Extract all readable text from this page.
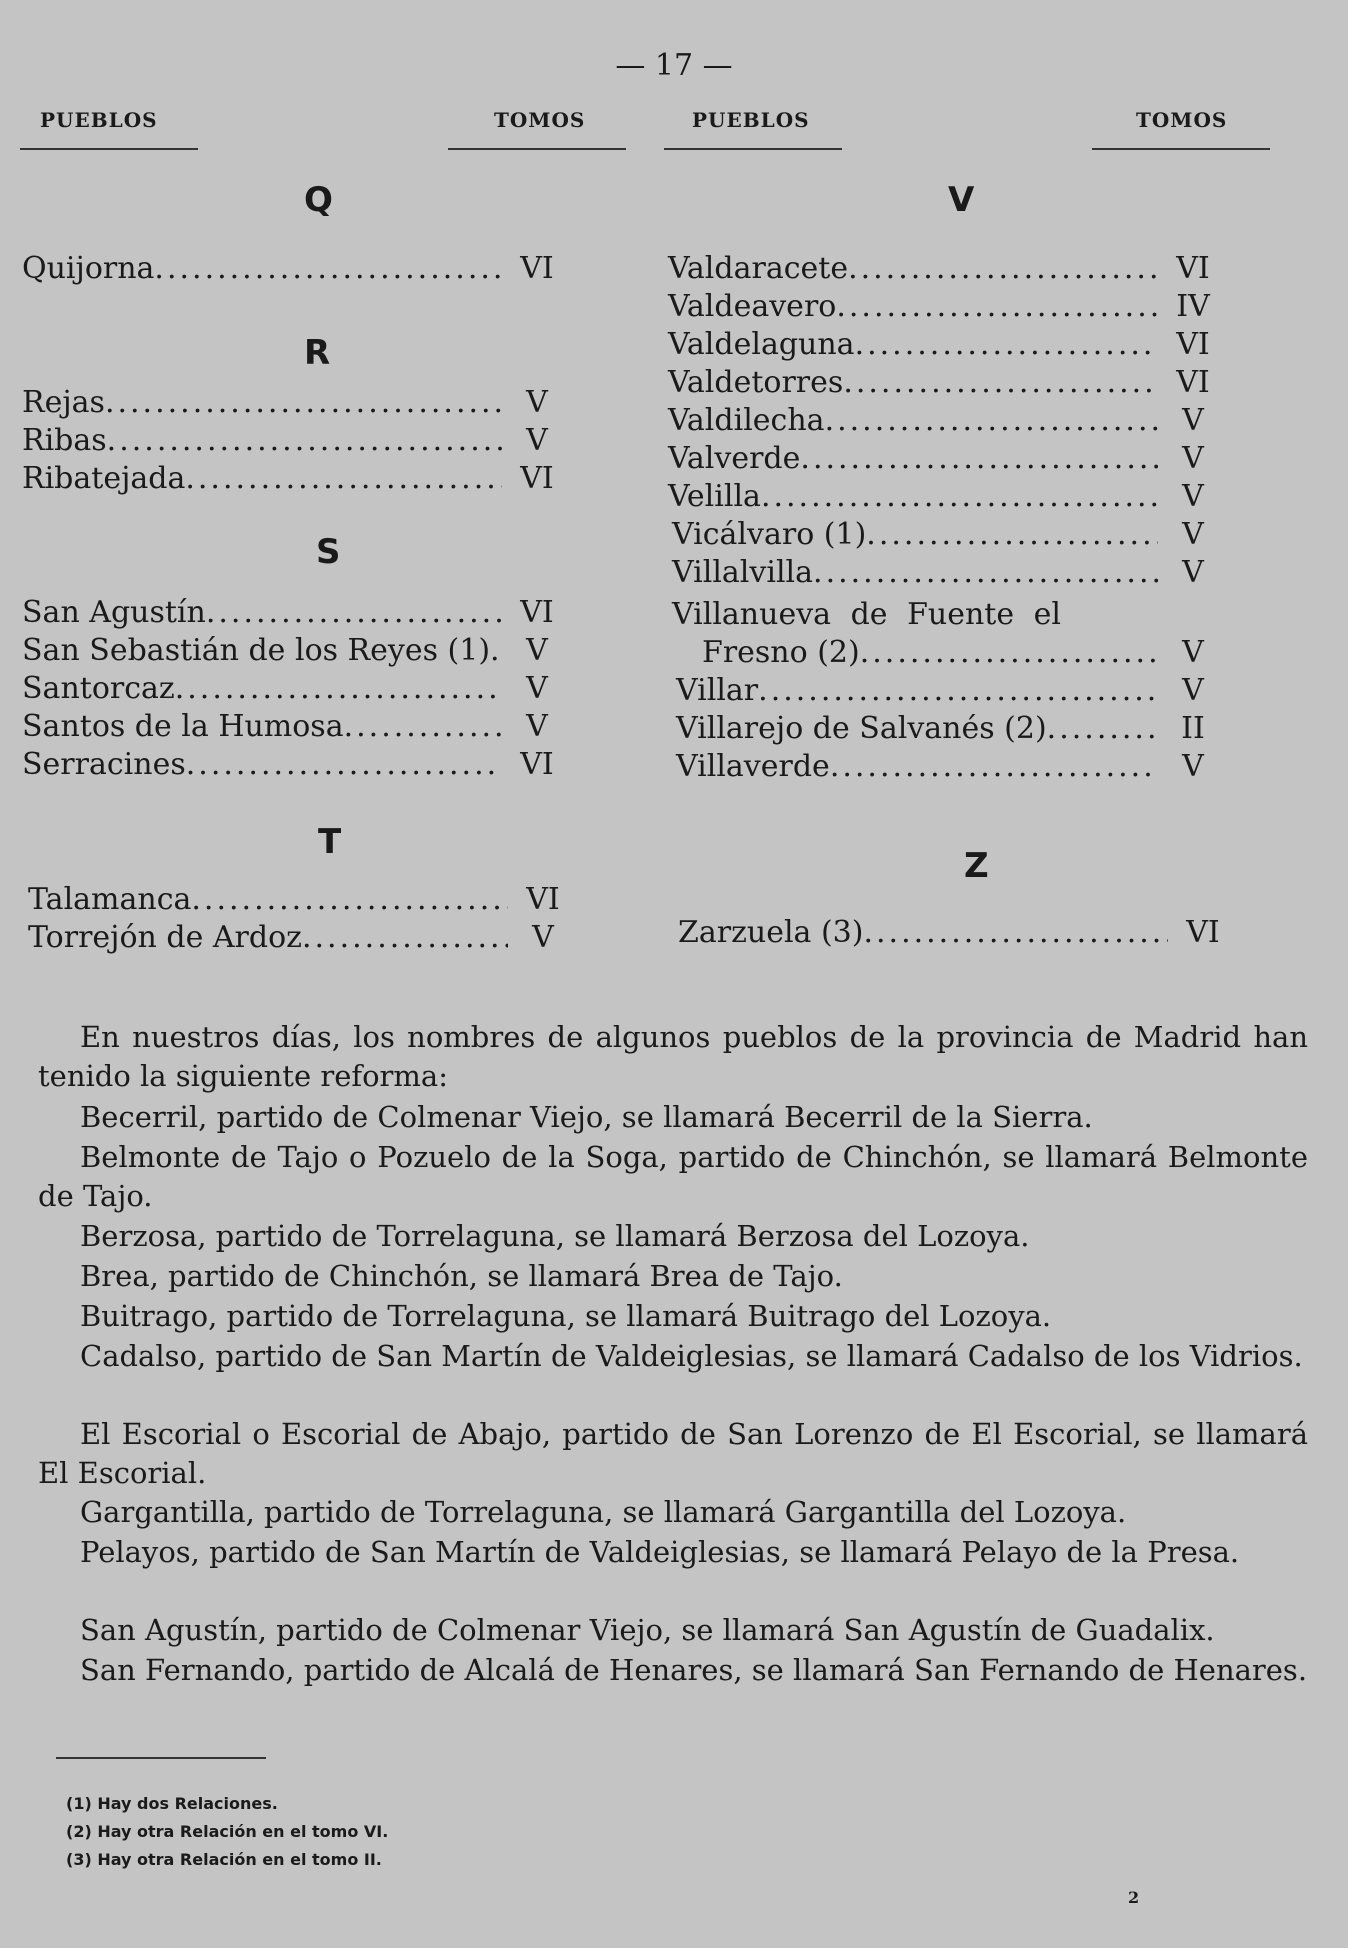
— 17 —
PUEBLOS	TOMOS	PUEBLOS	TOMOS
Q
Quijorna .....	VI
R
Rejas .....	V
Ribas .....	V
Ribatejada .....	VI
S
San Agustín .....	VI
San Sebastián de los Reyes (1) .....	V
Santorcaz .....	V
Santos de la Humosa .....	V
Serracines .....	VI
T
Talamanca .....	VI
Torrejón de Ardoz .....	V
V
Valdaracete .....	VI
Valdeavero .....	IV
Valdelaguna .....	VI
Valdetorres .....	VI
Valdilecha .....	V
Valverde .....	V
Velilla .....	V
Vicálvaro (1) .....	V
Villalvilla .....	V
Villanueva de Fuente el
Fresno (2) .....	V
Villar .....	V
Villarejo de Salvanés (2) .....	II
Villaverde .....	V
Z
Zarzuela (3) .....	VI
En nuestros días, los nombres de algunos pueblos de la provincia de Madrid han tenido la siguiente reforma:
Becerril, partido de Colmenar Viejo, se llamará Becerril de la Sierra.
Belmonte de Tajo o Pozuelo de la Soga, partido de Chinchón, se llamará Belmonte de Tajo.
Berzosa, partido de Torrelaguna, se llamará Berzosa del Lozoya.
Brea, partido de Chinchón, se llamará Brea de Tajo.
Buitrago, partido de Torrelaguna, se llamará Buitrago del Lozoya.
Cadalso, partido de San Martín de Valdeiglesias, se llamará Cadalso de los Vidrios.
El Escorial o Escorial de Abajo, partido de San Lorenzo de El Escorial, se llamará El Escorial.
Gargantilla, partido de Torrelaguna, se llamará Gargantilla del Lozoya.
Pelayos, partido de San Martín de Valdeiglesias, se llamará Pelayo de la Presa.
San Agustín, partido de Colmenar Viejo, se llamará San Agustín de Guadalix.
San Fernando, partido de Alcalá de Henares, se llamará San Fernando de Henares.
(1) Hay dos Relaciones.
(2) Hay otra Relación en el tomo VI.
(3) Hay otra Relación en el tomo II.
2
